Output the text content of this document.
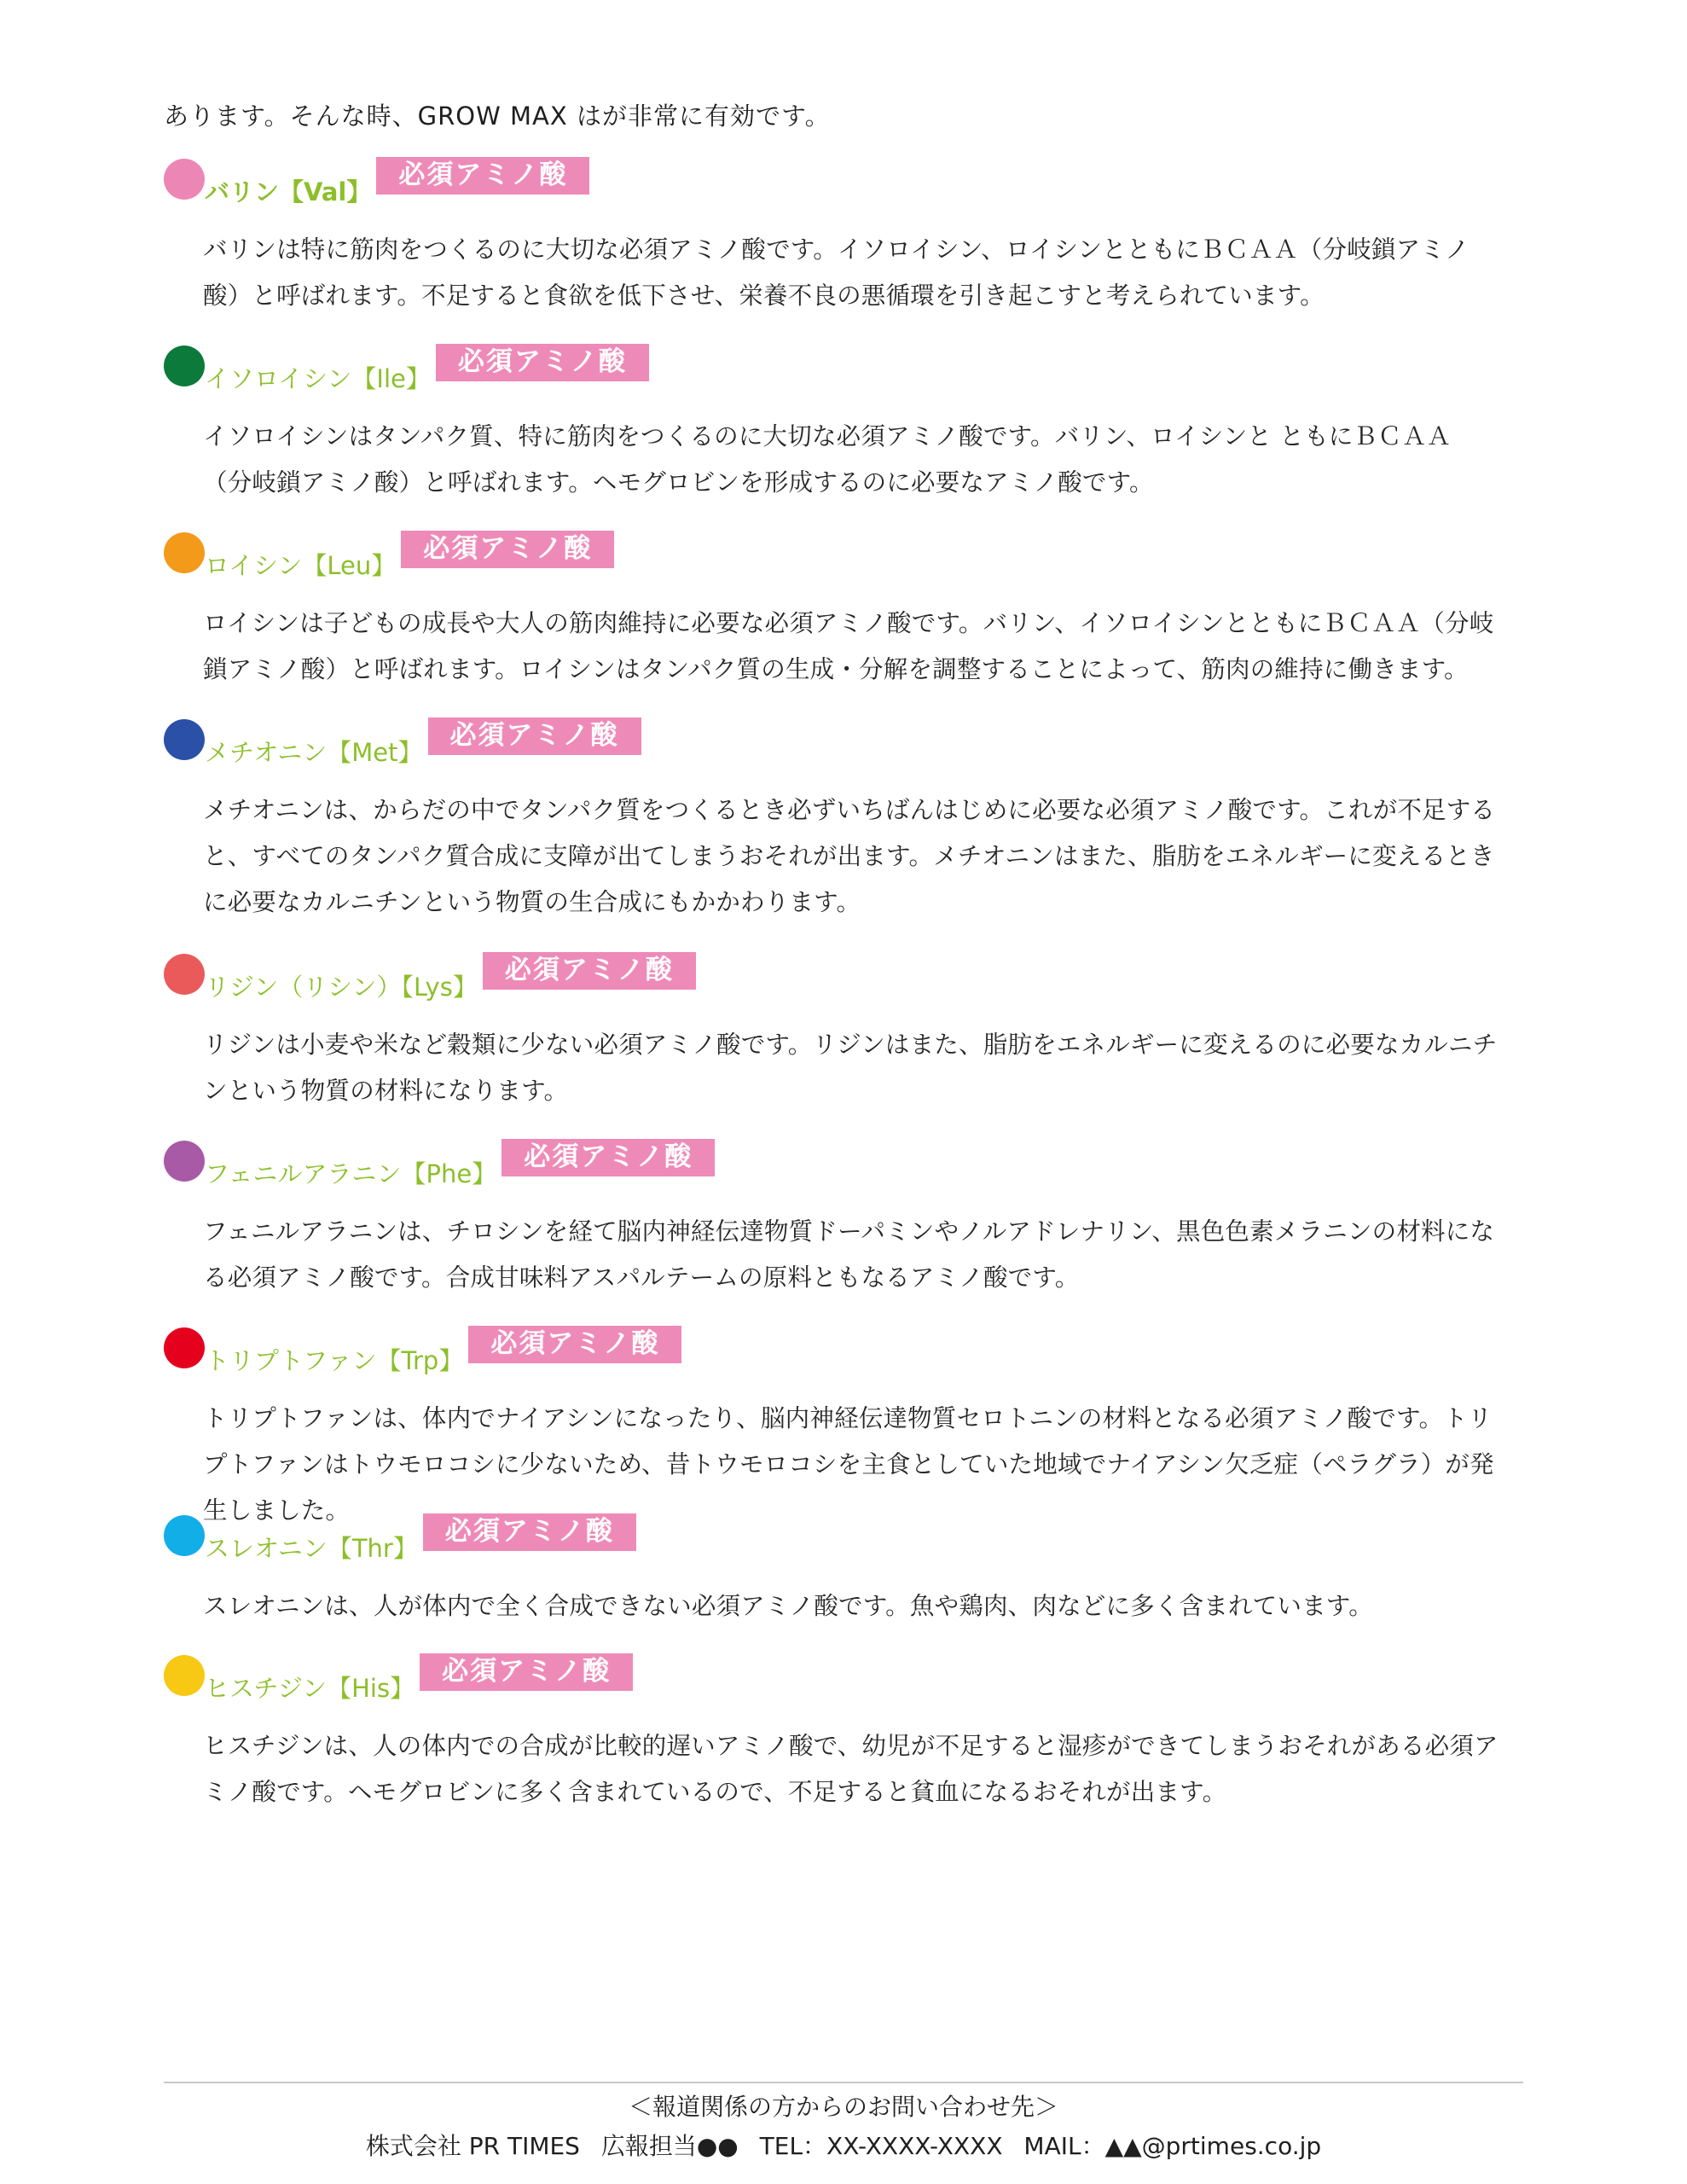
あります。そんな時、GROW MAX はが非常に有効です。
バリン【Val】
必須アミノ酸
バリンは特に筋肉をつくるのに大切な必須アミノ酸です。イソロイシン、ロイシンとともにＢＣＡＡ（分岐鎖アミノ酸）と呼ばれます。不足すると食欲を低下させ、栄養不良の悪循環を引き起こすと考えられています。
イソロイシン【Ile】
必須アミノ酸
イソロイシンはタンパク質、特に筋肉をつくるのに大切な必須アミノ酸です。バリン、ロイシンと ともにＢＣＡＡ（分岐鎖アミノ酸）と呼ばれます。ヘモグロビンを形成するのに必要なアミノ酸です。
ロイシン【Leu】
必須アミノ酸
ロイシンは子どもの成長や大人の筋肉維持に必要な必須アミノ酸です。バリン、イソロイシンとともにＢＣＡＡ（分岐鎖アミノ酸）と呼ばれます。ロイシンはタンパク質の生成・分解を調整することによって、筋肉の維持に働きます。
メチオニン【Met】
必須アミノ酸
メチオニンは、からだの中でタンパク質をつくるとき必ずいちばんはじめに必要な必須アミノ酸です。これが不足すると、すべてのタンパク質合成に支障が出てしまうおそれが出ます。メチオニンはまた、脂肪をエネルギーに変えるときに必要なカルニチンという物質の生合成にもかかわります。
リジン（リシン）【Lys】
必須アミノ酸
リジンは小麦や米など穀類に少ない必須アミノ酸です。リジンはまた、脂肪をエネルギーに変えるのに必要なカルニチンという物質の材料になります。
フェニルアラニン【Phe】
必須アミノ酸
フェニルアラニンは、チロシンを経て脳内神経伝達物質ドーパミンやノルアドレナリン、黒色色素メラニンの材料になる必須アミノ酸です。合成甘味料アスパルテームの原料ともなるアミノ酸です。
トリプトファン【Trp】
必須アミノ酸
トリプトファンは、体内でナイアシンになったり、脳内神経伝達物質セロトニンの材料となる必須アミノ酸です。トリプトファンはトウモロコシに少ないため、昔トウモロコシを主食としていた地域でナイアシン欠乏症（ペラグラ）が発生しました。
スレオニン【Thr】
必須アミノ酸
スレオニンは、人が体内で全く合成できない必須アミノ酸です。魚や鶏肉、肉などに多く含まれています。
ヒスチジン【His】
必須アミノ酸
ヒスチジンは、人の体内での合成が比較的遅いアミノ酸で、幼児が不足すると湿疹ができてしまうおそれがある必須アミノ酸です。ヘモグロビンに多く含まれているので、不足すると貧血になるおそれが出ます。
＜報道関係の方からのお問い合わせ先＞
株式会社 PR TIMES 広報担当●● TEL：XX-XXXX-XXXX MAIL：▲▲@prtimes.co.jp
